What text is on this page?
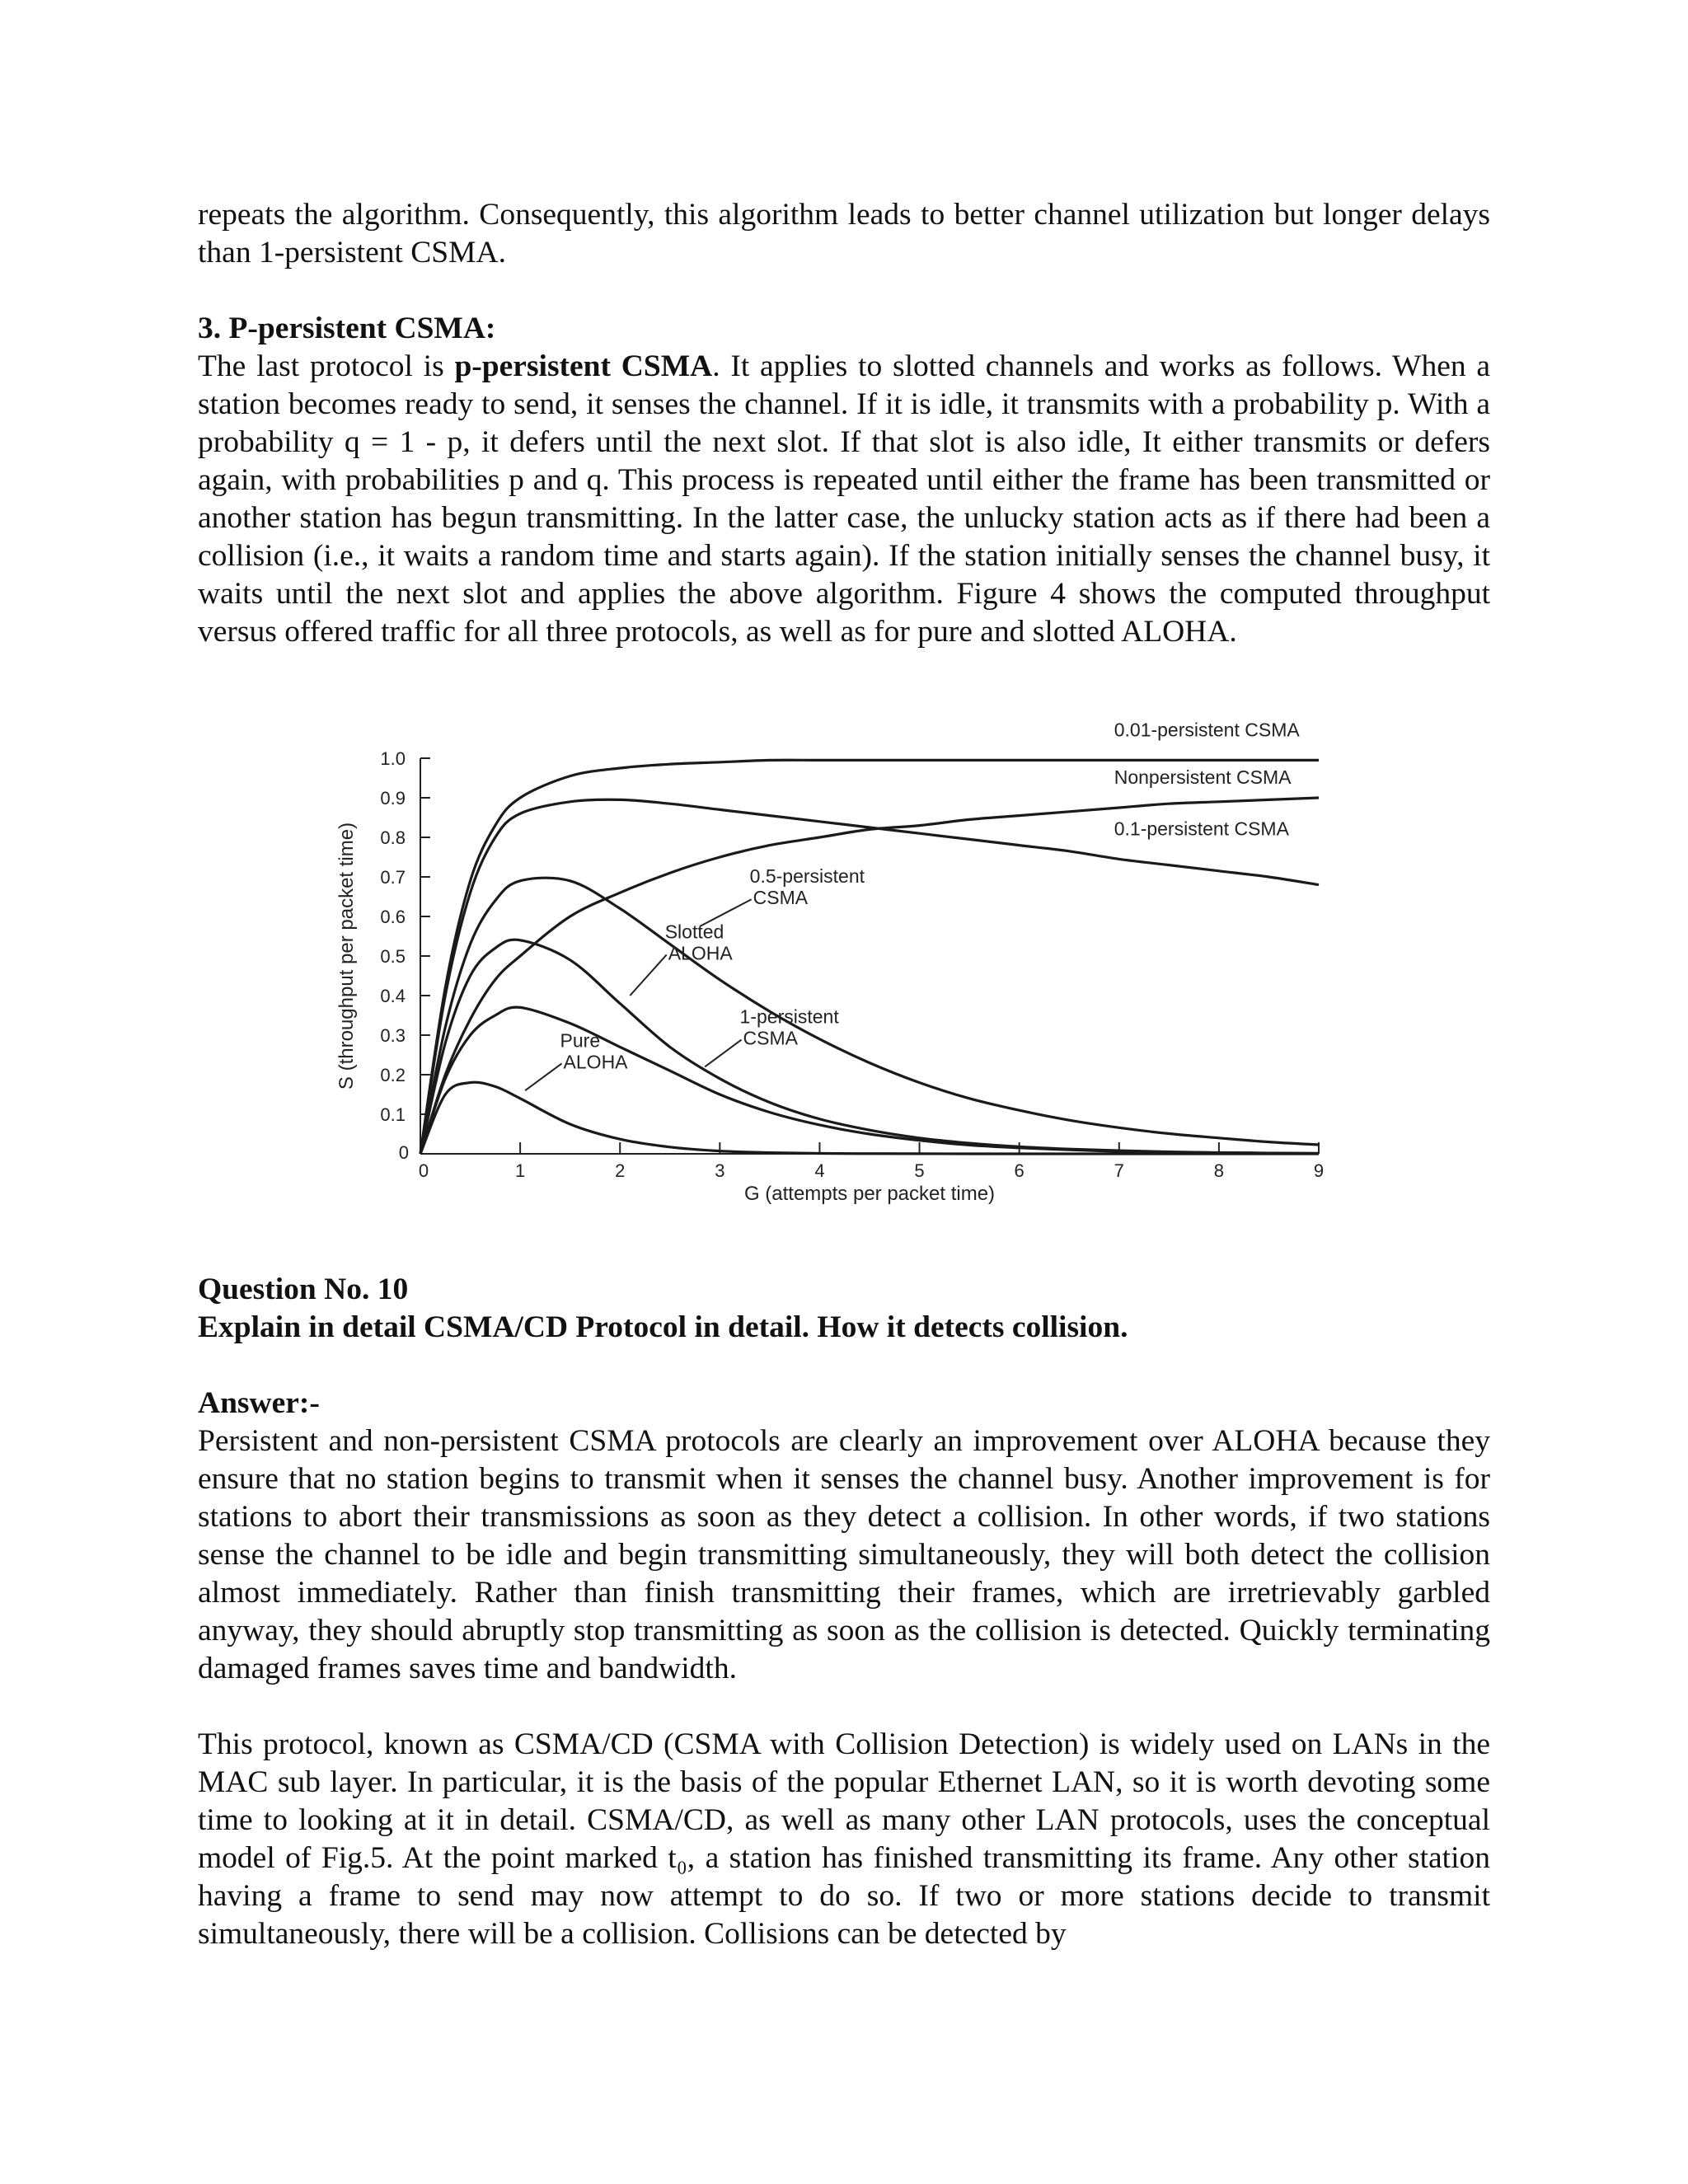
repeats the algorithm. Consequently, this algorithm leads to better channel utilization but longer delays than 1-persistent CSMA.

3. P-persistent CSMA:

The last protocol is p-persistent CSMA. It applies to slotted channels and works as follows. When a station becomes ready to send, it senses the channel. If it is idle, it transmits with a probability p. With a probability q = 1 - p, it defers until the next slot. If that slot is also idle, It either transmits or defers again, with probabilities p and q. This process is repeated until either the frame has been transmitted or another station has begun transmitting. In the latter case, the unlucky station acts as if there had been a collision (i.e., it waits a random time and starts again). If the station initially senses the channel busy, it waits until the next slot and applies the above algorithm. Figure 4 shows the computed throughput versus offered traffic for all three protocols, as well as for pure and slotted ALOHA.

0
0.1
0.2
0.3
0.4
0.5
0.6
0.7
0.8
0.9
1.0
0	1	2	3	4	5	6	7	8	9
G (attempts per packet time)
S (throughput per packet time)	Pure ALOHA
Slotted ALOHA
1-persistent CSMA
0.5-persistent CSMA
0.1-persistent CSMA
Nonpersistent CSMA
0.01-persistent CSMA

Question No. 10

Explain in detail CSMA/CD Protocol in detail. How it detects collision.

Answer:-

Persistent and non-persistent CSMA protocols are clearly an improvement over ALOHA because they ensure that no station begins to transmit when it senses the channel busy. Another improvement is for stations to abort their transmissions as soon as they detect a collision. In other words, if two stations sense the channel to be idle and begin transmitting simultaneously, they will both detect the collision almost immediately. Rather than finish transmitting their frames, which are irretrievably garbled anyway, they should abruptly stop transmitting as soon as the collision is detected. Quickly terminating damaged frames saves time and bandwidth.

This protocol, known as CSMA/CD (CSMA with Collision Detection) is widely used on LANs in the MAC sub layer. In particular, it is the basis of the popular Ethernet LAN, so it is worth devoting some time to looking at it in detail. CSMA/CD, as well as many other LAN protocols, uses the conceptual model of Fig.5. At the point marked t₀, a station has finished transmitting its frame. Any other station having a frame to send may now attempt to do so. If two or more stations decide to transmit simultaneously, there will be a collision. Collisions can be detected by
